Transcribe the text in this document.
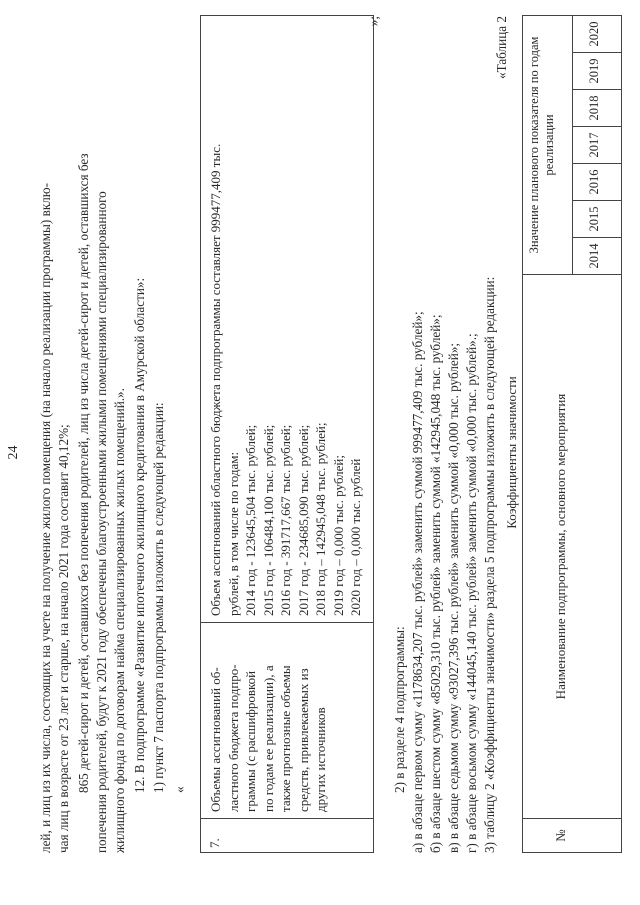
24 лей, и лиц из их числа, состоящих на учете на получение жилого помещения (на начало реализации программы) вклю- чая лиц в возрасте от 23 лет и старше, на начало 2021 года составит 40,12%; 865 детей-сирот и детей, оставшихся без попечения родителей, лиц из числа детей-сирот и детей, оставшихся без попечения родителей, будут к 2021 году обеспечены благоустроенными жилыми помещениями специализированного жилищного фонда по договорам найма специализированных жилых помещений.». 12. В подпрограмме «Развитие ипотечного жилищного кредитования в Амурской области»: 1) пункт 7 паспорта подпрограммы изложить в следующей редакции: «
7.
Объемы ассигнований об- ластного бюджета подпро- граммы (с расшифровкой по годам ее реализации), а также прогнозные объемы средств, привлекаемых из других источников
Объем ассигнований областного бюджета подпрограммы составляет 999477,409 тыс. рублей, в том числе по годам: 2014 год - 123645,504 тыс. рублей; 2015 год - 106484,100 тыс. рублей; 2016 год - 391717,667 тыс. рублей; 2017 год - 234685,090 тыс. рублей; 2018 год – 142945,048 тыс. рублей; 2019 год – 0,000 тыс. рублей; 2020 год – 0,000 тыс. рублей
»;
2) в разделе 4 подпрограммы: а) в абзаце первом сумму «1178634,207 тыс. рублей» заменить суммой 999477,409 тыс. рублей»; б) в абзаце шестом сумму «85029,310 тыс. рублей» заменить суммой «142945,048 тыс. рублей»; в) в абзаце седьмом сумму «93027,396 тыс. рублей» заменить суммой «0,000 тыс. рублей»; г) в абзаце восьмом сумму «144045,140 тыс. рублей» заменить суммой «0,000 тыс. рублей».; 3) таблицу 2 «Коэффициенты значимости» раздела 5 подпрограммы изложить в следующей редакции:
«Таблица 2
Коэффициенты значимости
№
Наименование подпрограммы, основного мероприятия
Значение планового показателя по годам реализации
2014
2015
2016
2017
2018
2019
2020
